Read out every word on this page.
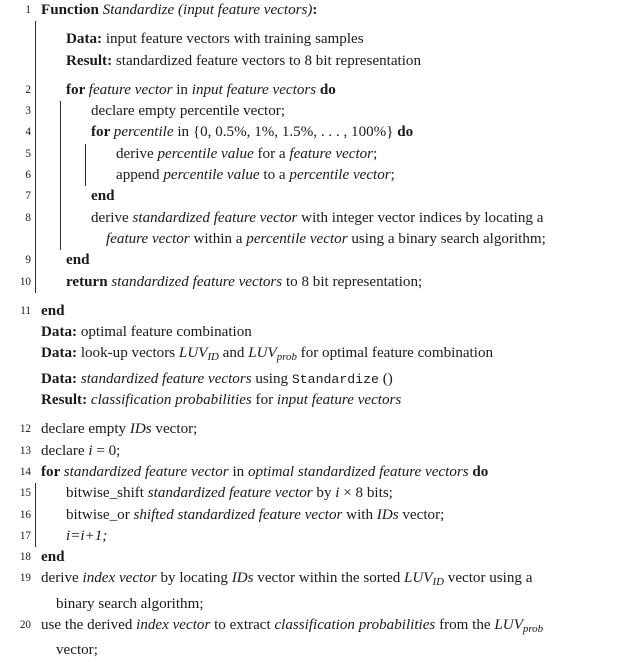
1 Function Standardize (input feature vectors):
Data: input feature vectors with training samples
Result: standardized feature vectors to 8 bit representation
2	for feature vector in input feature vectors do
3	declare empty percentile vector;
4	for percentile in {0, 0.5%, 1%, 1.5%, . . . , 100%} do
5	derive percentile value for a feature vector;
6	append percentile value to a percentile vector;
7	end
8	derive standardized feature vector with integer vector indices by locating a
feature vector within a percentile vector using a binary search algorithm;
9	end
10	return standardized feature vectors to 8 bit representation;
11 end
Data: optimal feature combination
Data: look-up vectors $LUV_{ID}$ and $LUV_{prob}$ for optimal feature combination
Data: standardized feature vectors using Standardize ()
Result: classification probabilities for input feature vectors
12 declare empty IDs vector;
13 declare i = 0;
14 for standardized feature vector in optimal standardized feature vectors do
15	bitwise_shift standardized feature vector by i × 8 bits;
16	bitwise_or shifted standardized feature vector with IDs vector;
17	i=i+1;
18 end
19 derive index vector by locating IDs vector within the sorted $LUV_{ID}$ vector using a
binary search algorithm;
20 use the derived index vector to extract classification probabilities from the $LUV_{prob}$
vector;
